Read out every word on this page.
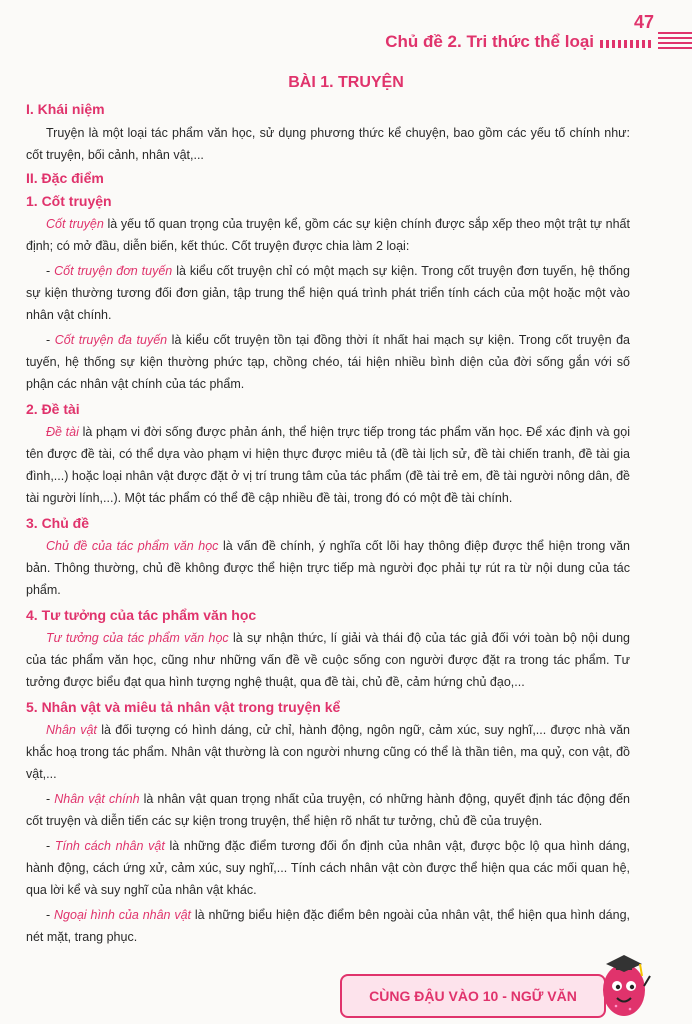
Chủ đề 2. Tri thức thể loại
47
BÀI 1. TRUYỆN
I. Khái niệm

Truyện là một loại tác phẩm văn học, sử dụng phương thức kể chuyện, bao gồm các yếu tố chính như: cốt truyện, bối cảnh, nhân vật,...

II. Đặc điểm
1. Cốt truyện

Cốt truyện là yếu tố quan trọng của truyện kể, gồm các sự kiện chính được sắp xếp theo một trật tự nhất định; có mở đầu, diễn biến, kết thúc. Cốt truyện được chia làm 2 loại:

- Cốt truyện đơn tuyến là kiểu cốt truyện chỉ có một mạch sự kiện. Trong cốt truyện đơn tuyến, hệ thống sự kiện thường tương đối đơn giản, tập trung thể hiện quá trình phát triển tính cách của một hoặc một vào nhân vật chính.

- Cốt truyện đa tuyến là kiểu cốt truyện tồn tại đồng thời ít nhất hai mạch sự kiện. Trong cốt truyện đa tuyến, hệ thống sự kiện thường phức tạp, chồng chéo, tái hiện nhiều bình diện của đời sống gắn với số phận các nhân vật chính của tác phẩm.

2. Đề tài

Đề tài là phạm vi đời sống được phản ánh, thể hiện trực tiếp trong tác phẩm văn học. Để xác định và gọi tên được đề tài, có thể dựa vào phạm vi hiện thực được miêu tả (đề tài lịch sử, đề tài chiến tranh, đề tài gia đình,...) hoặc loại nhân vật được đặt ở vị trí trung tâm của tác phẩm (đề tài trẻ em, đề tài người nông dân, đề tài người lính,...). Một tác phẩm có thể đề cập nhiều đề tài, trong đó có một đề tài chính.

3. Chủ đề

Chủ đề của tác phẩm văn học là vấn đề chính, ý nghĩa cốt lõi hay thông điệp được thể hiện trong văn bản. Thông thường, chủ đề không được thể hiện trực tiếp mà người đọc phải tự rút ra từ nội dung của tác phẩm.

4. Tư tưởng của tác phẩm văn học

Tư tưởng của tác phẩm văn học là sự nhận thức, lí giải và thái độ của tác giả đối với toàn bộ nội dung của tác phẩm văn học, cũng như những vấn đề về cuộc sống con người được đặt ra trong tác phẩm. Tư tưởng được biểu đạt qua hình tượng nghệ thuật, qua đề tài, chủ đề, cảm hứng chủ đạo,...

5. Nhân vật và miêu tả nhân vật trong truyện kể

Nhân vật là đối tượng có hình dáng, cử chỉ, hành động, ngôn ngữ, cảm xúc, suy nghĩ,... được nhà văn khắc hoạ trong tác phẩm. Nhân vật thường là con người nhưng cũng có thể là thần tiên, ma quỷ, con vật, đồ vật,...

- Nhân vật chính là nhân vật quan trọng nhất của truyện, có những hành động, quyết định tác động đến cốt truyện và diễn tiến các sự kiện trong truyện, thể hiện rõ nhất tư tưởng, chủ đề của truyện.

- Tính cách nhân vật là những đặc điểm tương đối ổn định của nhân vật, được bộc lộ qua hình dáng, hành động, cách ứng xử, cảm xúc, suy nghĩ,... Tính cách nhân vật còn được thể hiện qua các mối quan hệ, qua lời kể và suy nghĩ của nhân vật khác.

- Ngoại hình của nhân vật là những biểu hiện đặc điểm bên ngoài của nhân vật, thể hiện qua hình dáng, nét mặt, trang phục.

CÙNG ĐẬU VÀO 10 - NGỮ VĂN
